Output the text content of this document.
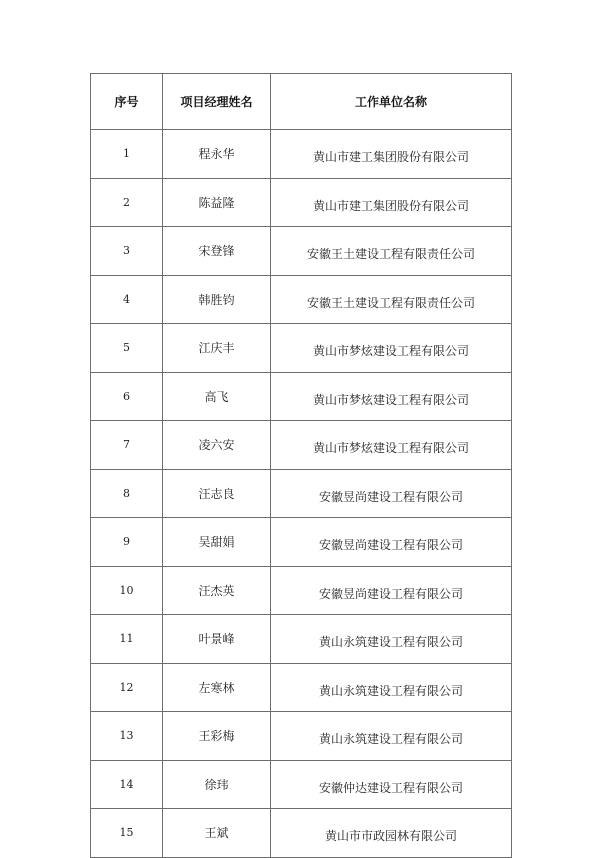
序号	项目经理姓名	工作单位名称
1	程永华	黄山市建工集团股份有限公司
2	陈益隆	黄山市建工集团股份有限公司
3	宋登锋	安徽王土建设工程有限责任公司
4	韩胜钧	安徽王土建设工程有限责任公司
5	江庆丰	黄山市梦炫建设工程有限公司
6	高飞	黄山市梦炫建设工程有限公司
7	凌六安	黄山市梦炫建设工程有限公司
8	汪志良	安徽昱尚建设工程有限公司
9	吴甜娟	安徽昱尚建设工程有限公司
10	汪杰英	安徽昱尚建设工程有限公司
11	叶景峰	黄山永筑建设工程有限公司
12	左寒林	黄山永筑建设工程有限公司
13	王彩梅	黄山永筑建设工程有限公司
14	徐玮	安徽仲达建设工程有限公司
15	王斌	黄山市市政园林有限公司
